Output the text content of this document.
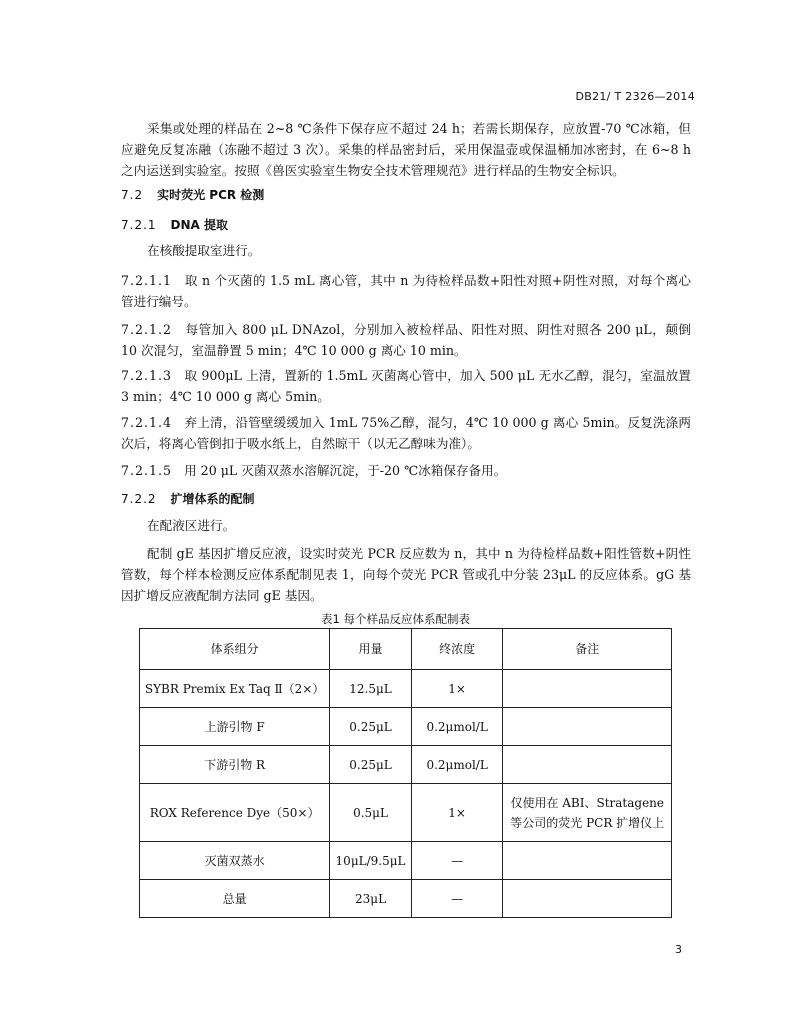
DB21/ T 2326—2014

采集或处理的样品在 2~8 ℃条件下保存应不超过 24 h；若需长期保存，应放置-70 ℃冰箱，但应避免反复冻融（冻融不超过 3 次）。采集的样品密封后，采用保温壶或保温桶加冰密封，在 6~8 h 之内运送到实验室。按照《兽医实验室生物安全技术管理规范》进行样品的生物安全标识。

7.2 实时荧光 PCR 检测

7.2.1 DNA 提取

在核酸提取室进行。

7.2.1.1 取 n 个灭菌的 1.5 mL 离心管，其中 n 为待检样品数+阳性对照+阴性对照，对每个离心管进行编号。

7.2.1.2 每管加入 800 μL DNAzol，分别加入被检样品、阳性对照、阴性对照各 200 μL，颠倒 10 次混匀，室温静置 5 min；4℃ 10 000 g 离心 10 min。

7.2.1.3 取 900μL 上清，置新的 1.5mL 灭菌离心管中，加入 500 μL 无水乙醇，混匀，室温放置 3 min；4℃ 10 000 g 离心 5min。

7.2.1.4 弃上清，沿管壁缓缓加入 1mL 75%乙醇，混匀，4℃ 10 000 g 离心 5min。反复洗涤两次后，将离心管倒扣于吸水纸上，自然晾干（以无乙醇味为准）。

7.2.1.5 用 20 μL 灭菌双蒸水溶解沉淀，于-20 ℃冰箱保存备用。

7.2.2 扩增体系的配制

在配液区进行。

配制 gE 基因扩增反应液，设实时荧光 PCR 反应数为 n，其中 n 为待检样品数+阳性管数+阴性管数，每个样本检测反应体系配制见表 1，向每个荧光 PCR 管或孔中分装 23μL 的反应体系。gG 基因扩增反应液配制方法同 gE 基因。

表1 每个样品反应体系配制表
体系组分	用量	终浓度	备注
SYBR Premix Ex Taq Ⅱ（2×）	12.5μL	1×	
上游引物 F	0.25μL	0.2μmol/L	
下游引物 R	0.25μL	0.2μmol/L	
ROX Reference Dye（50×）	0.5μL	1×	仅使用在 ABI、Stratagene 等公司的荧光 PCR 扩增仪上
灭菌双蒸水	10μL/9.5μL	—	
总量	23μL	—	
3
